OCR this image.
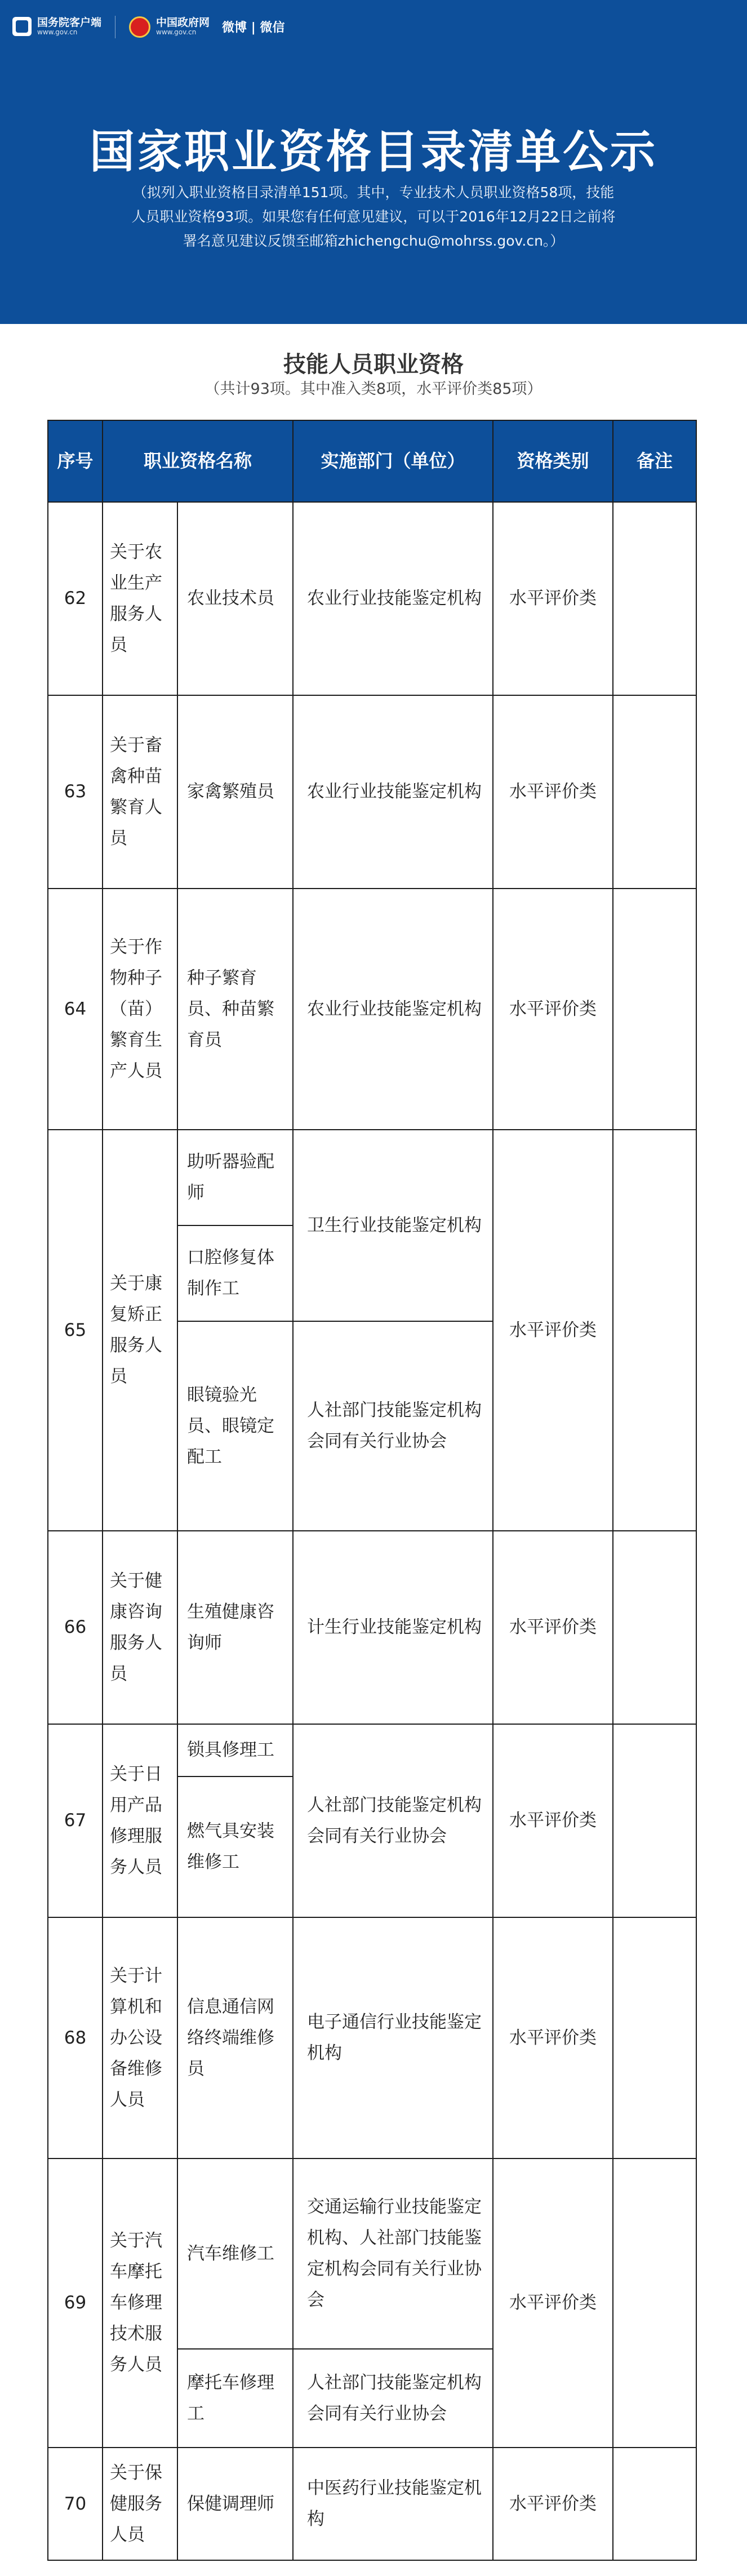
国务院客户端
www.gov.cn
中国政府网
www.gov.cn	微博 | 微信
国家职业资格目录清单公示
（拟列入职业资格目录清单151项。其中，专业技术人员职业资格58项，技能人员职业资格93项。如果您有任何意见建议，可以于2016年12月22日之前将署名意见建议反馈至邮箱zhichengchu@mohrss.gov.cn。）
技能人员职业资格
（共计93项。其中准入类8项，水平评价类85项）
序号	职业资格名称		实施部门（单位）	资格类别	备注
62	关于农业生产服务人员	农业技术员	农业行业技能鉴定机构	水平评价类	
63	关于畜禽种苗繁育人员	家禽繁殖员	农业行业技能鉴定机构	水平评价类	
64	关于作物种子（苗）繁育生产人员	种子繁育员、种苗繁育员	农业行业技能鉴定机构	水平评价类	
65	关于康复矫正服务人员	助听器验配师	卫生行业技能鉴定机构	水平评价类	
		口腔修复体制作工			
		眼镜验光员、眼镜定配工	人社部门技能鉴定机构会同有关行业协会		
66	关于健康咨询服务人员	生殖健康咨询师	计生行业技能鉴定机构	水平评价类	
67	关于日用产品修理服务人员	锁具修理工	人社部门技能鉴定机构会同有关行业协会	水平评价类	
		燃气具安装维修工			
68	关于计算机和办公设备维修人员	信息通信网络终端维修员	电子通信行业技能鉴定机构	水平评价类	
69	关于汽车摩托车修理技术服务人员	汽车维修工	交通运输行业技能鉴定机构、人社部门技能鉴定机构会同有关行业协会	水平评价类	
		摩托车修理工	人社部门技能鉴定机构会同有关行业协会		
70	关于保健服务人员	保健调理师	中医药行业技能鉴定机构	水平评价类	
